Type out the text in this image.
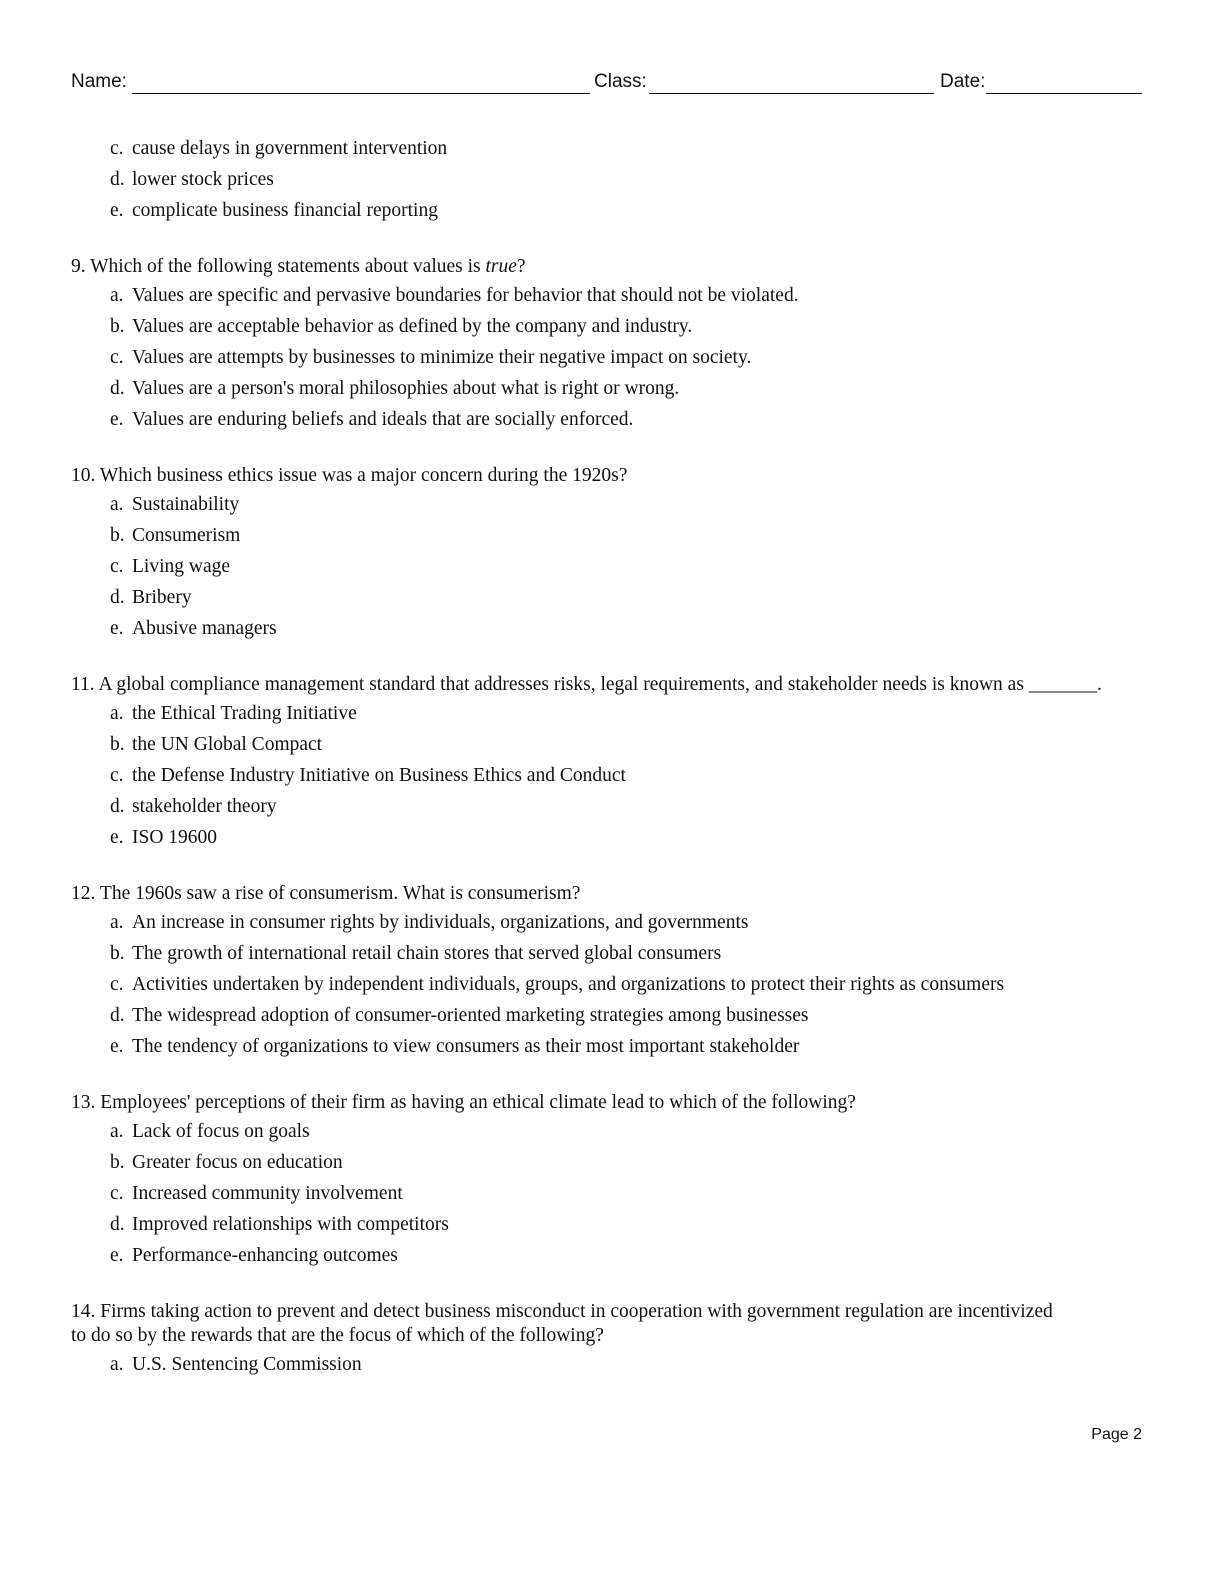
Name:	Class:	Date:
c. cause delays in government intervention
d. lower stock prices
e. complicate business financial reporting
9. Which of the following statements about values is true?
a. Values are specific and pervasive boundaries for behavior that should not be violated.
b. Values are acceptable behavior as defined by the company and industry.
c. Values are attempts by businesses to minimize their negative impact on society.
d. Values are a person's moral philosophies about what is right or wrong.
e. Values are enduring beliefs and ideals that are socially enforced.
10. Which business ethics issue was a major concern during the 1920s?
a. Sustainability
b. Consumerism
c. Living wage
d. Bribery
e. Abusive managers
11. A global compliance management standard that addresses risks, legal requirements, and stakeholder needs is known as _______.
a. the Ethical Trading Initiative
b. the UN Global Compact
c. the Defense Industry Initiative on Business Ethics and Conduct
d. stakeholder theory
e. ISO 19600
12. The 1960s saw a rise of consumerism. What is consumerism?
a. An increase in consumer rights by individuals, organizations, and governments
b. The growth of international retail chain stores that served global consumers
c. Activities undertaken by independent individuals, groups, and organizations to protect their rights as consumers
d. The widespread adoption of consumer-oriented marketing strategies among businesses
e. The tendency of organizations to view consumers as their most important stakeholder
13. Employees' perceptions of their firm as having an ethical climate lead to which of the following?
a. Lack of focus on goals
b. Greater focus on education
c. Increased community involvement
d. Improved relationships with competitors
e. Performance-enhancing outcomes
14. Firms taking action to prevent and detect business misconduct in cooperation with government regulation are incentivized to do so by the rewards that are the focus of which of the following?
a. U.S. Sentencing Commission
Page 2
